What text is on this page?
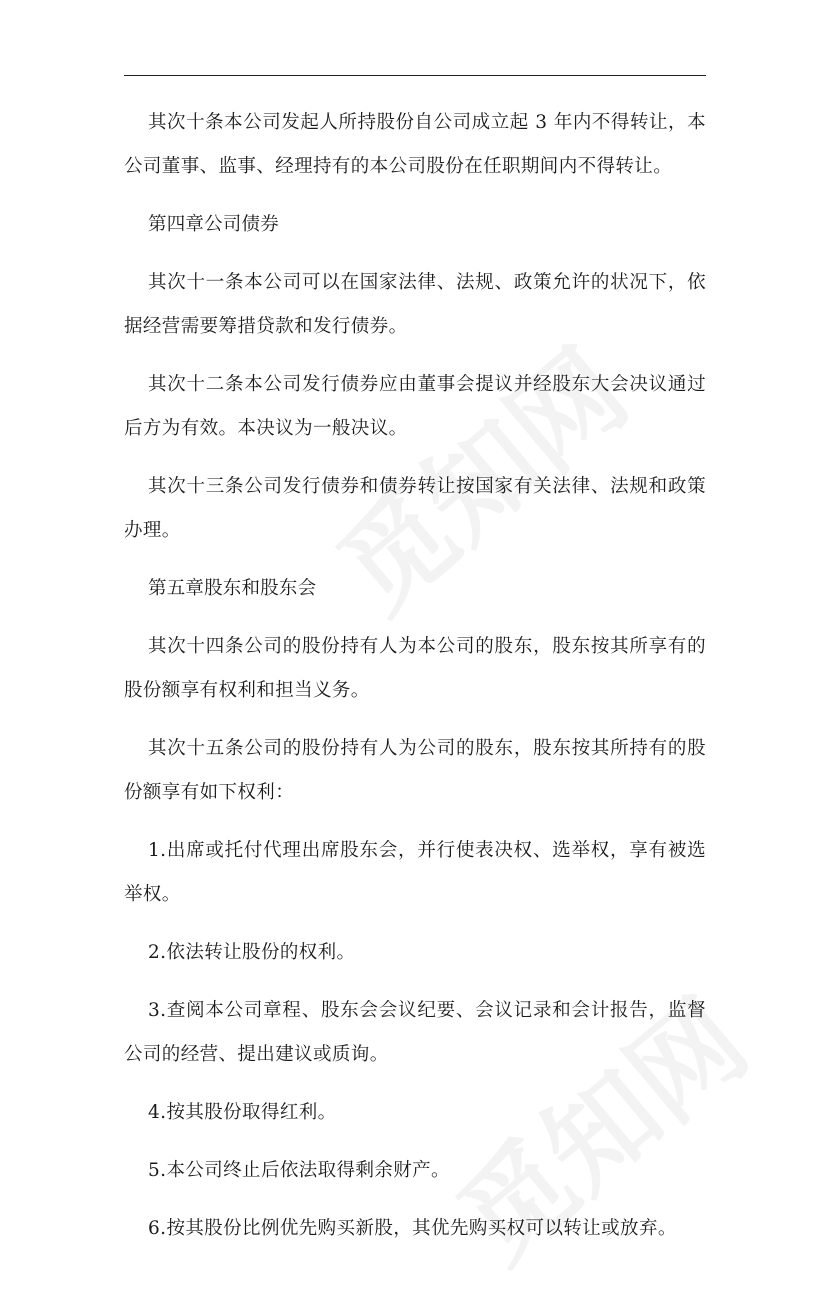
其次十条本公司发起人所持股份自公司成立起 3 年内不得转让，本公司董事、监事、经理持有的本公司股份在任职期间内不得转让。

第四章公司债券

其次十一条本公司可以在国家法律、法规、政策允许的状况下，依据经营需要筹措贷款和发行债券。

其次十二条本公司发行债券应由董事会提议并经股东大会决议通过后方为有效。本决议为一般决议。

其次十三条公司发行债券和债券转让按国家有关法律、法规和政策办理。

第五章股东和股东会

其次十四条公司的股份持有人为本公司的股东，股东按其所享有的股份额享有权利和担当义务。

其次十五条公司的股份持有人为公司的股东，股东按其所持有的股份额享有如下权利：

1.出席或托付代理出席股东会，并行使表决权、选举权，享有被选举权。

2.依法转让股份的权利。

3.查阅本公司章程、股东会会议纪要、会议记录和会计报告，监督公司的经营、提出建议或质询。

4.按其股份取得红利。

5.本公司终止后依法取得剩余财产。

6.按其股份比例优先购买新股，其优先购买权可以转让或放弃。
